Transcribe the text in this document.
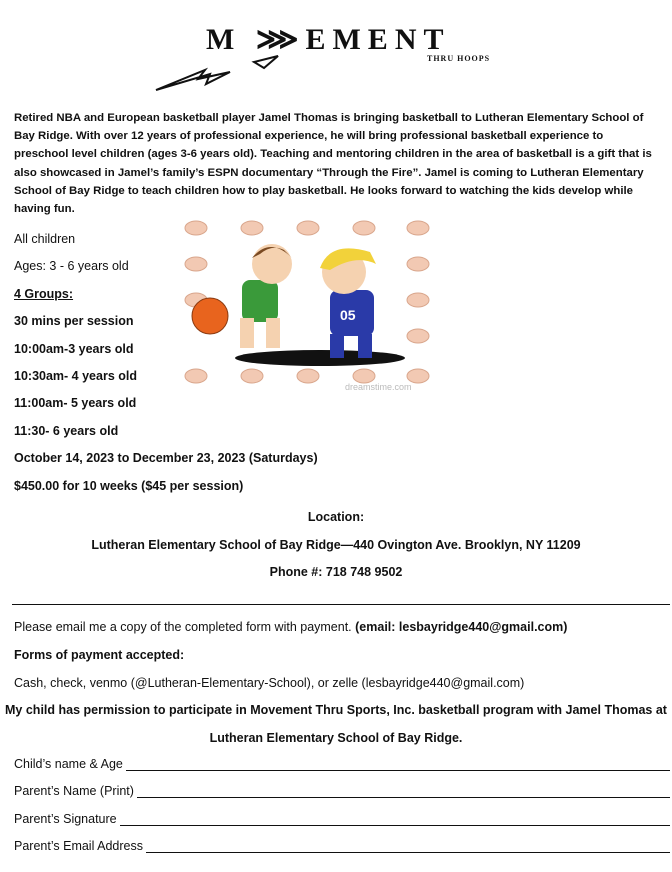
M ⋙EMENT
THRU HOOPS
Retired NBA and European basketball player Jamel Thomas is bringing basketball to Lutheran Elementary School of Bay Ridge. With over 12 years of professional experience, he will bring professional basketball experience to preschool level children (ages 3-6 years old). Teaching and mentoring children in the area of basketball is a gift that is also showcased in Jamel’s family’s ESPN documentary “Through the Fire”. Jamel is coming to Lutheran Elementary School of Bay Ridge to teach children how to play basketball. He looks forward to watching the kids develop while having fun.
All children
Ages: 3 - 6 years old
4 Groups:
30 mins per session
10:00am-3 years old
10:30am- 4 years old
11:00am- 5 years old
11:30- 6 years old
October 14, 2023 to December 23, 2023 (Saturdays)
$450.00 for 10 weeks ($45 per session)
05
dreamstime.com
Location:
Lutheran Elementary School of Bay Ridge—440 Ovington Ave. Brooklyn, NY 11209
Phone #: 718 748 9502
Please email me a copy of the completed form with payment. (email: lesbayridge440@gmail.com)
Forms of payment accepted:
Cash, check, venmo (@Lutheran-Elementary-School), or zelle (lesbayridge440@gmail.com)
My child has permission to participate in Movement Thru Sports, Inc. basketball program with Jamel Thomas at
Lutheran Elementary School of Bay Ridge.
Child’s name & Age
Parent’s Name (Print)
Parent’s Signature
Parent’s Email Address
